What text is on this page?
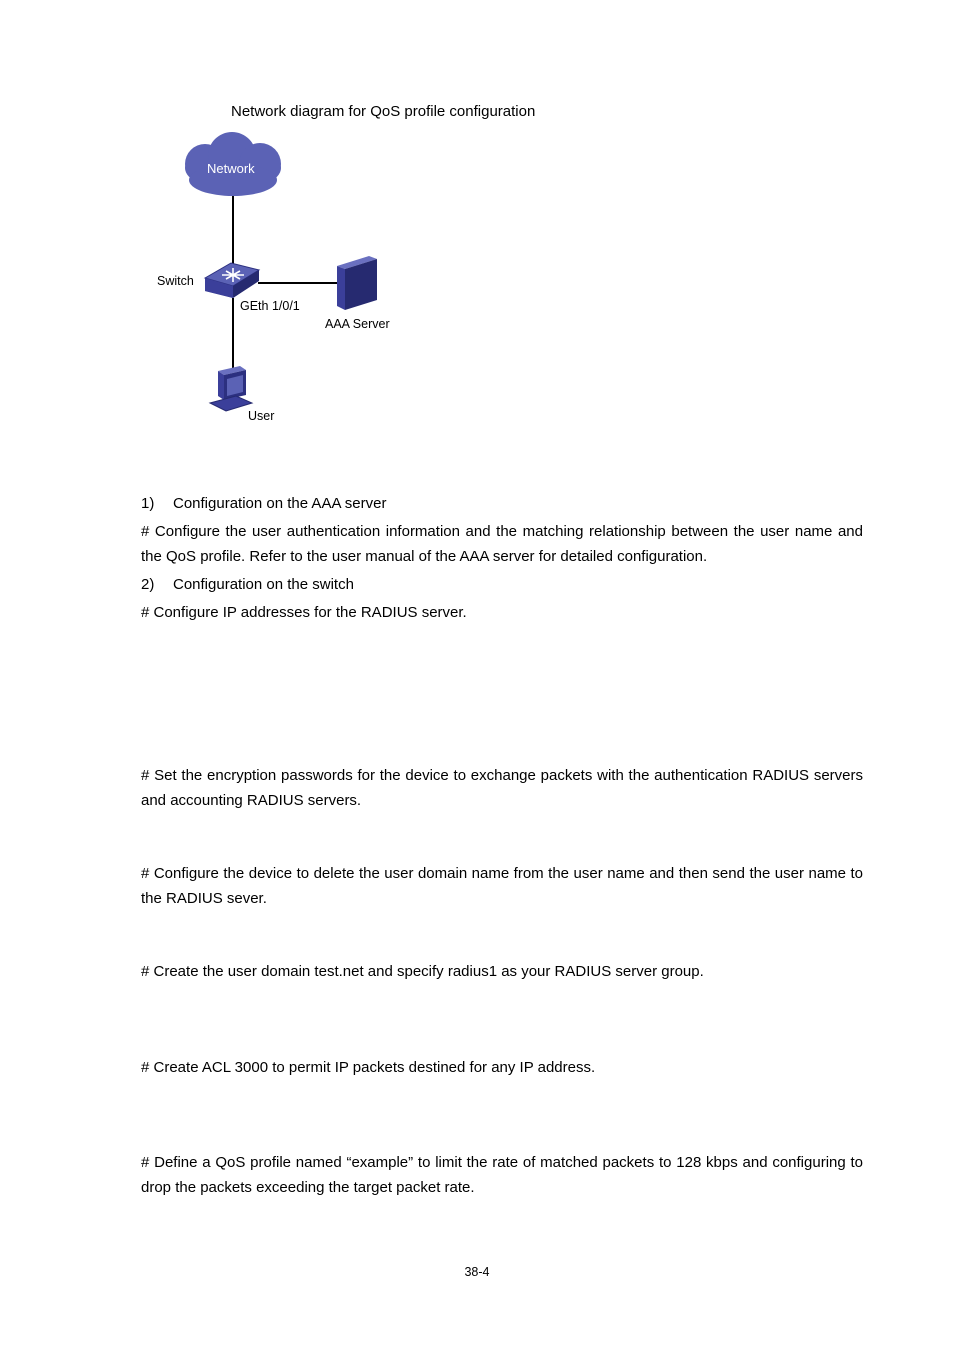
Network diagram for QoS profile configuration
Network
Switch
GEth 1/0/1
AAA Server
User
1) Configuration on the AAA server
# Configure the user authentication information and the matching relationship between the user name and the QoS profile. Refer to the user manual of the AAA server for detailed configuration.
2) Configuration on the switch
# Configure IP addresses for the RADIUS server.
# Set the encryption passwords for the device to exchange packets with the authentication RADIUS servers and accounting RADIUS servers.
# Configure the device to delete the user domain name from the user name and then send the user name to the RADIUS sever.
# Create the user domain test.net and specify radius1 as your RADIUS server group.
# Create ACL 3000 to permit IP packets destined for any IP address.
# Define a QoS profile named “example” to limit the rate of matched packets to 128 kbps and configuring to drop the packets exceeding the target packet rate.
38-4
